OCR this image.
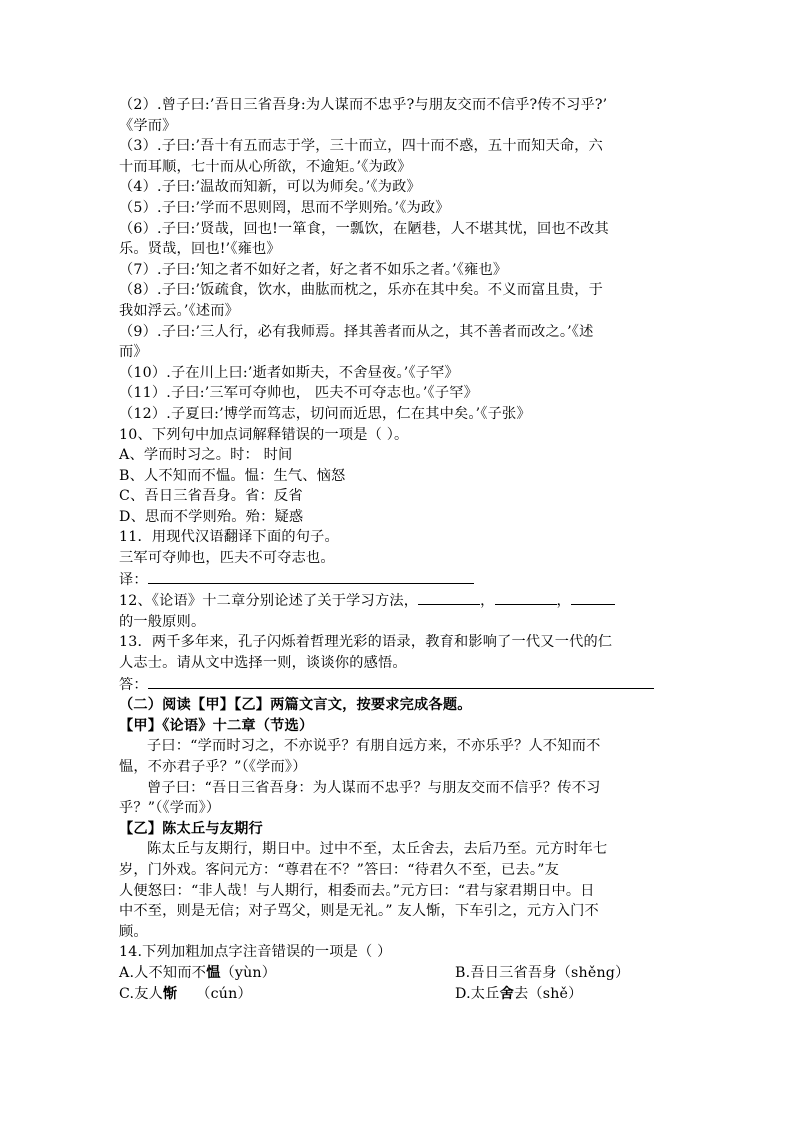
（2）.曾子曰:’吾日三省吾身:为人谋而不忠乎?与朋友交而不信乎?传不习乎?’
《学而》
（3）.子曰:’吾十有五而志于学，三十而立，四十而不惑，五十而知天命，六
十而耳顺，七十而从心所欲，不逾矩。’《为政》
（4）.子曰:’温故而知新，可以为师矣。’《为政》
（5）.子曰:’学而不思则罔，思而不学则殆。’《为政》
（6）.子曰:’贤哉，回也!一箪食，一瓢饮，在陋巷，人不堪其忧，回也不改其
乐。贤哉，回也!’《雍也》
（7）.子曰:’知之者不如好之者，好之者不如乐之者。’《雍也》
（8）.子曰:’饭疏食，饮水，曲肱而枕之，乐亦在其中矣。不义而富且贵，于
我如浮云。’《述而》
（9）.子曰:’三人行，必有我师焉。择其善者而从之，其不善者而改之。’《述
而》
（10）.子在川上曰:’逝者如斯夫，不舍昼夜。’《子罕》
（11）.子曰:’三军可夺帅也， 匹夫不可夺志也。’《子罕》
（12）.子夏曰:’博学而笃志，切问而近思，仁在其中矣。’《子张》
10、下列句中加点词解释错误的一项是（ ）。
A、学而时习之。时： 时间
B、人不知而不愠。愠：生气、恼怒
C、吾日三省吾身。省：反省
D、思而不学则殆。殆：疑惑
11．用现代汉语翻译下面的句子。
三军可夺帅也，匹夫不可夺志也。
译：
12、《论语》十二章分别论述了关于学习方法，	，	，
的一般原则。
13．两千多年来，孔子闪烁着哲理光彩的语录，教育和影响了一代又一代的仁
人志士。请从文中选择一则，谈谈你的感悟。
答：
（二）阅读【甲】【乙】两篇文言文，按要求完成各题。
【甲】《论语》十二章（节选）
子曰：“学而时习之，不亦说乎？有朋自远方来，不亦乐乎？人不知而不
愠，不亦君子乎？”（《学而》）
曾子曰：“吾日三省吾身：为人谋而不忠乎？与朋友交而不信乎？传不习
乎？”（《学而》）
【乙】陈太丘与友期行
陈太丘与友期行，期日中。过中不至，太丘舍去，去后乃至。元方时年七
岁，门外戏。客问元方：“尊君在不？”答曰：“待君久不至，已去。”友
人便怒曰：“非人哉！与人期行，相委而去。”元方曰：“君与家君期日中。日
中不至，则是无信；对子骂父，则是无礼。” 友人惭，下车引之，元方入门不
顾。
14.下列加粗加点字注音错误的一项是（ ）
A.人不知而不愠（yùn）	B.吾日三省吾身（shěng）
C.友人惭    （cún）	D.太丘舍去（shě）
